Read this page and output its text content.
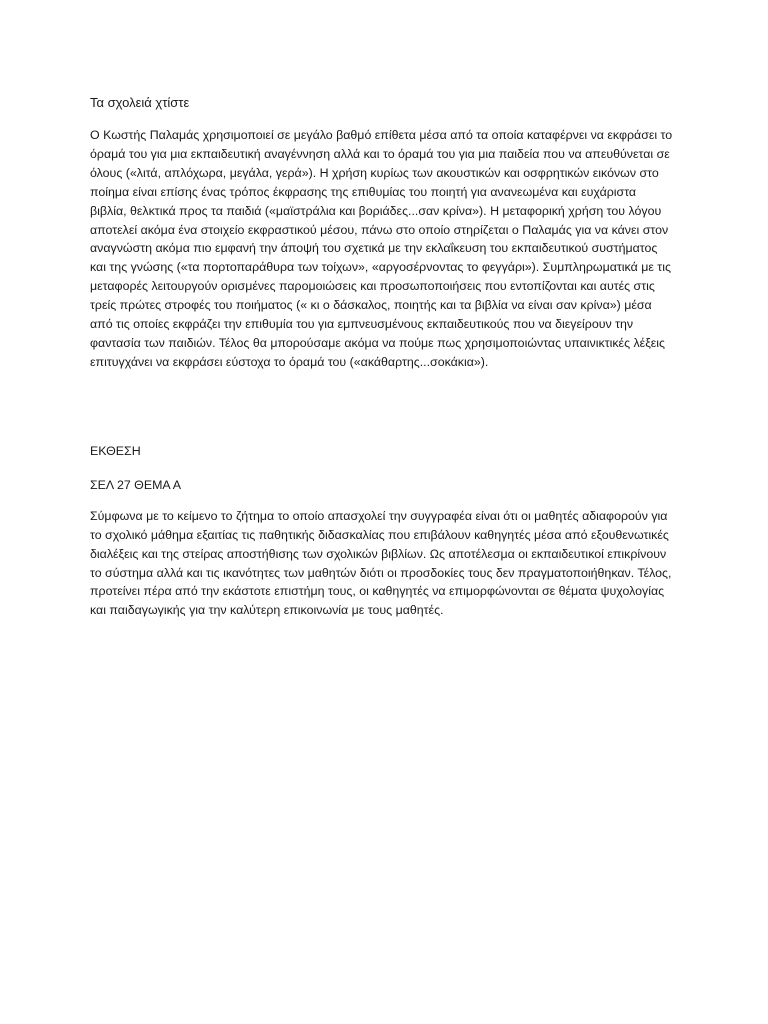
Τα σχολειά χτίστε

Ο Κωστής Παλαμάς χρησιμοποιεί σε μεγάλο βαθμό επίθετα μέσα από τα οποία καταφέρνει να εκφράσει το όραμά του για μια εκπαιδευτική αναγέννηση αλλά και το όραμά του για μια παιδεία που να απευθύνεται σε όλους («λιτά, απλόχωρα, μεγάλα, γερά»). Η χρήση κυρίως των ακουστικών και οσφρητικών εικόνων στο ποίημα είναι επίσης ένας τρόπος έκφρασης της επιθυμίας του ποιητή για ανανεωμένα και ευχάριστα βιβλία, θελκτικά προς τα παιδιά («μαϊστράλια και βοριάδες...σαν κρίνα»). Η μεταφορική χρήση του λόγου αποτελεί ακόμα ένα στοιχείο εκφραστικού μέσου, πάνω στο οποίο στηρίζεται ο Παλαμάς για να κάνει στον αναγνώστη ακόμα πιο εμφανή την άποψή του σχετικά με την εκλαΐκευση του εκπαιδευτικού συστήματος και της γνώσης («τα πορτοπαράθυρα των τοίχων», «αργοσέρνοντας το φεγγάρι»). Συμπληρωματικά με τις μεταφορές λειτουργούν ορισμένες παρομοιώσεις και προσωποποιήσεις που εντοπίζονται και αυτές στις τρείς πρώτες στροφές του ποιήματος (« κι ο δάσκαλος, ποιητής και τα βιβλία να είναι σαν κρίνα») μέσα από τις οποίες εκφράζει την επιθυμία του για εμπνευσμένους εκπαιδευτικούς που να διεγείρουν την φαντασία των παιδιών. Τέλος θα μπορούσαμε ακόμα να πούμε πως χρησιμοποιώντας υπαινικτικές λέξεις επιτυγχάνει να εκφράσει εύστοχα το όραμά του («ακάθαρτης...σοκάκια»).

ΕΚΘΕΣΗ

ΣΕΛ 27 ΘΕΜΑ Α

Σύμφωνα με το κείμενο το ζήτημα το οποίο απασχολεί την συγγραφέα είναι ότι οι μαθητές αδιαφορούν για το σχολικό μάθημα εξαιτίας τις παθητικής διδασκαλίας που επιβάλουν καθηγητές μέσα από εξουθενωτικές διαλέξεις και της στείρας αποστήθισης των σχολικών βιβλίων. Ως αποτέλεσμα οι εκπαιδευτικοί επικρίνουν το σύστημα αλλά και τις ικανότητες των μαθητών διότι οι προσδοκίες τους δεν πραγματοποιήθηκαν. Τέλος, προτείνει πέρα από την εκάστοτε επιστήμη τους, οι καθηγητές να επιμορφώνονται σε θέματα ψυχολογίας και παιδαγωγικής για την καλύτερη επικοινωνία με τους μαθητές.
